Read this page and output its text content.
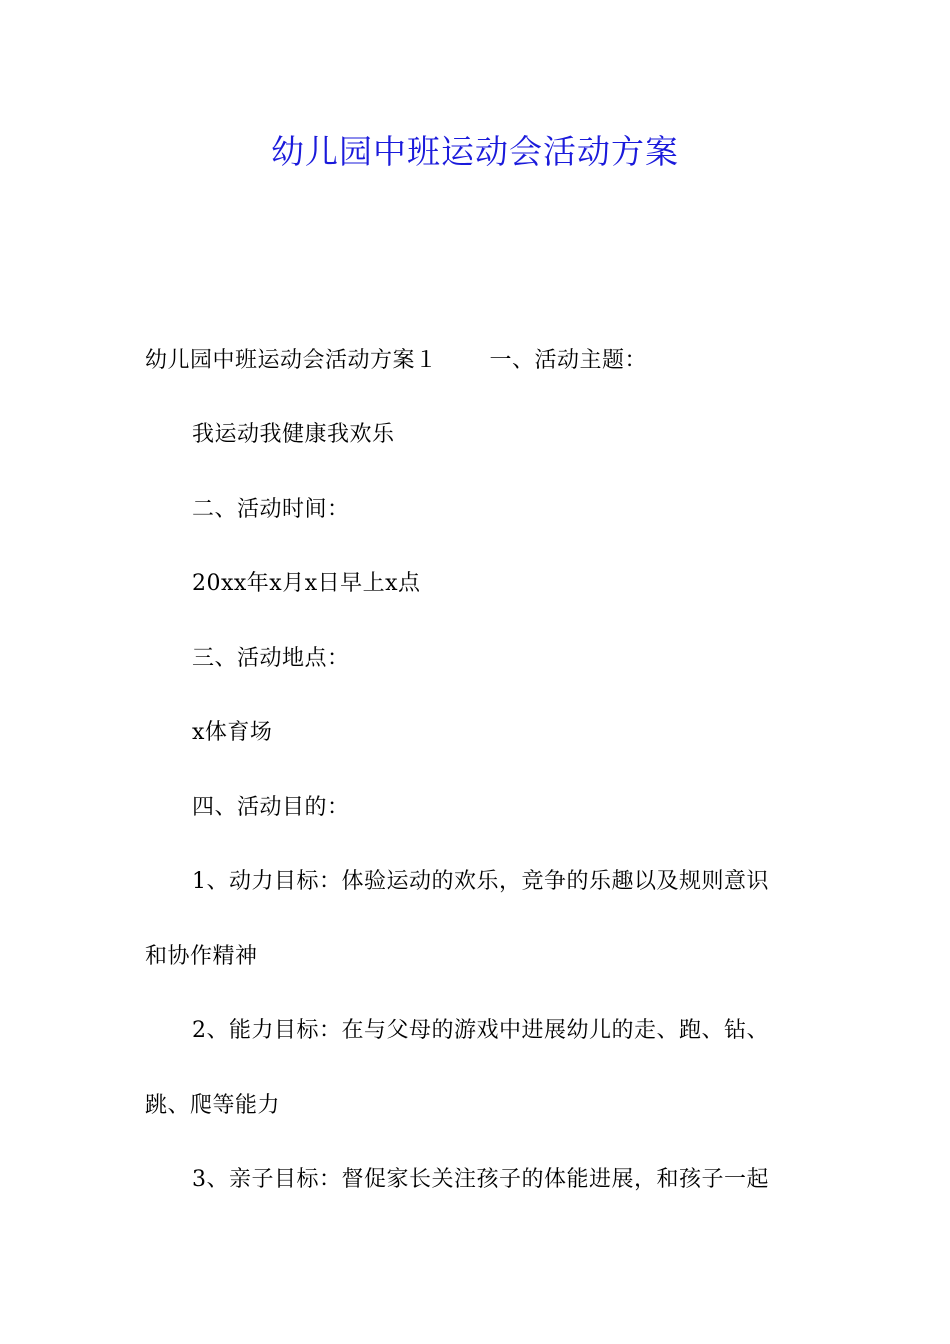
幼儿园中班运动会活动方案
幼儿园中班运动会活动方案１ 一、活动主题：
我运动我健康我欢乐
二、活动时间：
20xx年x月x日早上x点
三、活动地点：
x体育场
四、活动目的：
1、动力目标：体验运动的欢乐，竞争的乐趣以及规则意识
和协作精神
2、能力目标：在与父母的游戏中进展幼儿的走、跑、钻、
跳、爬等能力
3、亲子目标：督促家长关注孩子的体能进展，和孩子一起
